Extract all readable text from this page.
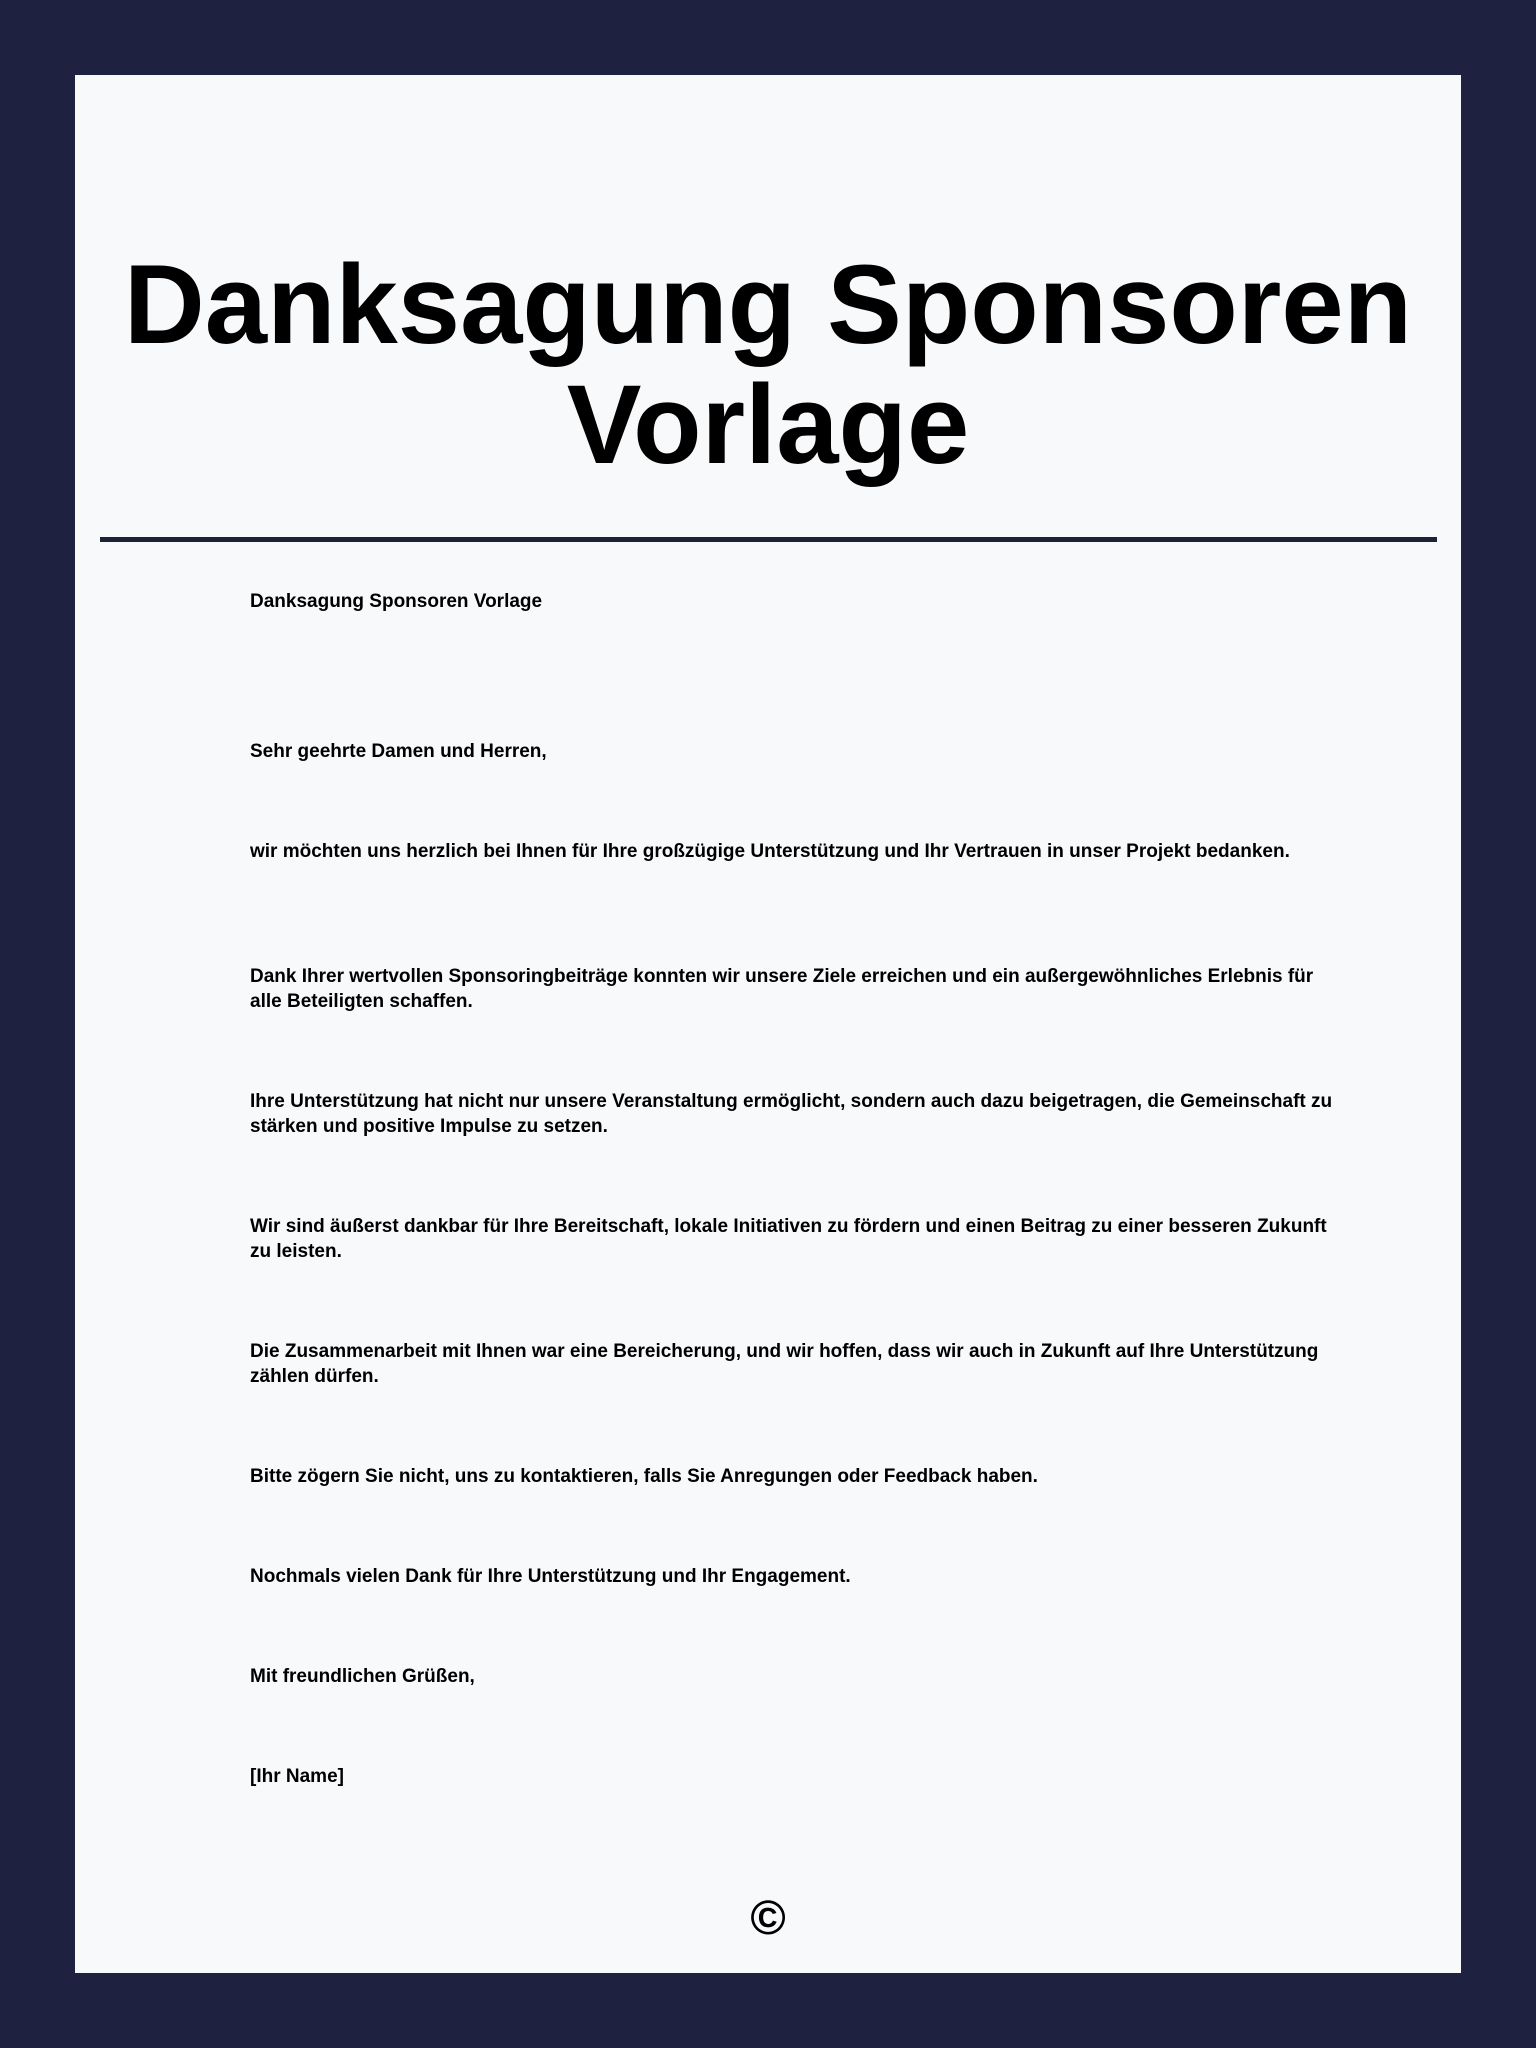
Danksagung Sponsoren
Vorlage

Danksagung Sponsoren Vorlage

Sehr geehrte Damen und Herren,

wir möchten uns herzlich bei Ihnen für Ihre großzügige Unterstützung und Ihr Vertrauen in unser Projekt bedanken.

Dank Ihrer wertvollen Sponsoringbeiträge konnten wir unsere Ziele erreichen und ein außergewöhnliches Erlebnis für alle Beteiligten schaffen.

Ihre Unterstützung hat nicht nur unsere Veranstaltung ermöglicht, sondern auch dazu beigetragen, die Gemeinschaft zu stärken und positive Impulse zu setzen.

Wir sind äußerst dankbar für Ihre Bereitschaft, lokale Initiativen zu fördern und einen Beitrag zu einer besseren Zukunft zu leisten.

Die Zusammenarbeit mit Ihnen war eine Bereicherung, und wir hoffen, dass wir auch in Zukunft auf Ihre Unterstützung zählen dürfen.

Bitte zögern Sie nicht, uns zu kontaktieren, falls Sie Anregungen oder Feedback haben.

Nochmals vielen Dank für Ihre Unterstützung und Ihr Engagement.

Mit freundlichen Grüßen,

[Ihr Name]

©
